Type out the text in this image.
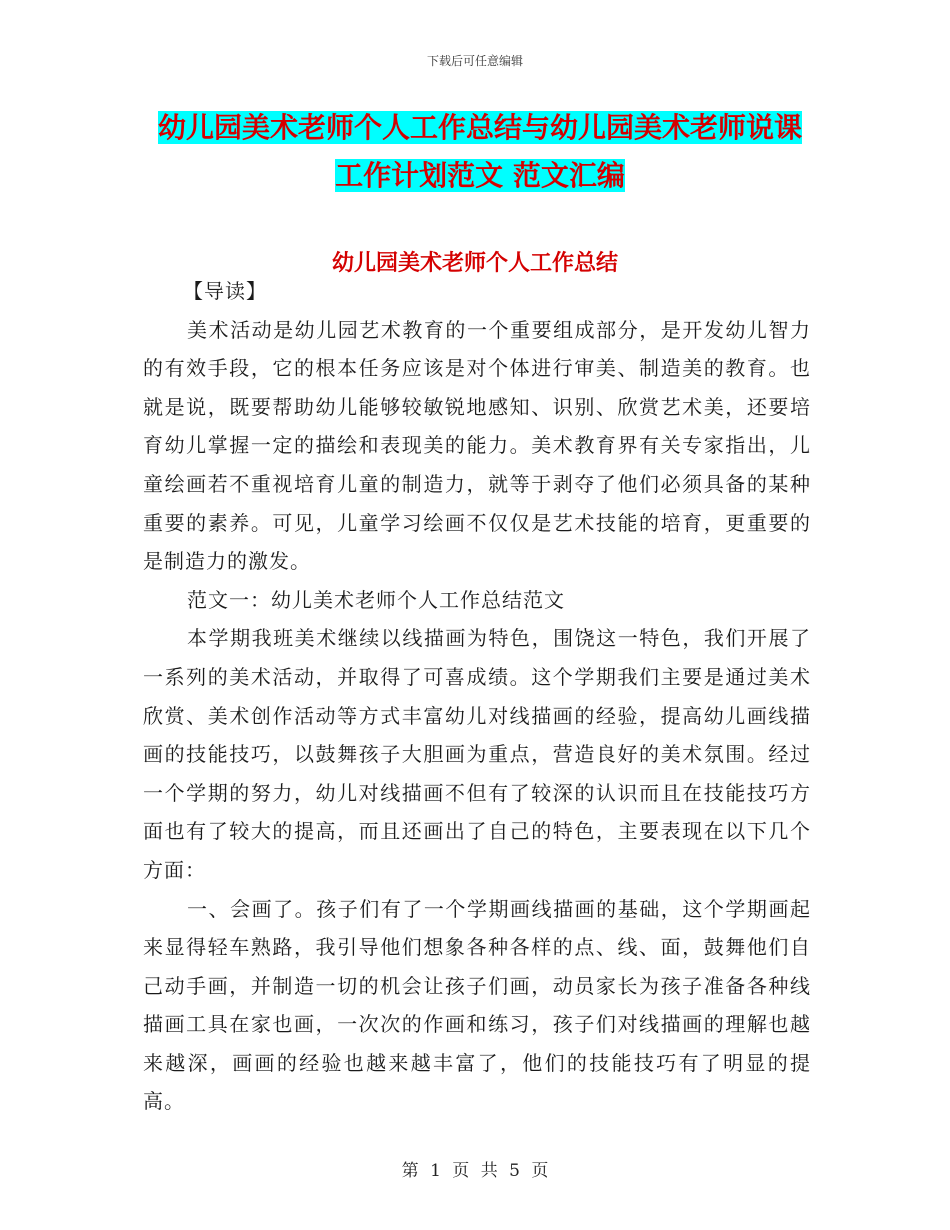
下载后可任意编辑
幼儿园美术老师个人工作总结与幼儿园美术老师说课
工作计划范文 范文汇编
幼儿园美术老师个人工作总结

【导读】

美术活动是幼儿园艺术教育的一个重要组成部分，是开发幼儿智力的有效手段，它的根本任务应该是对个体进行审美、制造美的教育。也就是说，既要帮助幼儿能够较敏锐地感知、识别、欣赏艺术美，还要培育幼儿掌握一定的描绘和表现美的能力。美术教育界有关专家指出，儿童绘画若不重视培育儿童的制造力，就等于剥夺了他们必须具备的某种重要的素养。可见，儿童学习绘画不仅仅是艺术技能的培育，更重要的是制造力的激发。

范文一：幼儿美术老师个人工作总结范文

本学期我班美术继续以线描画为特色，围饶这一特色，我们开展了一系列的美术活动，并取得了可喜成绩。这个学期我们主要是通过美术欣赏、美术创作活动等方式丰富幼儿对线描画的经验，提高幼儿画线描画的技能技巧，以鼓舞孩子大胆画为重点，营造良好的美术氛围。经过一个学期的努力，幼儿对线描画不但有了较深的认识而且在技能技巧方面也有了较大的提高，而且还画出了自己的特色，主要表现在以下几个方面：

一、会画了。孩子们有了一个学期画线描画的基础，这个学期画起来显得轻车熟路，我引导他们想象各种各样的点、线、面，鼓舞他们自己动手画，并制造一切的机会让孩子们画，动员家长为孩子准备各种线描画工具在家也画，一次次的作画和练习，孩子们对线描画的理解也越来越深，画画的经验也越来越丰富了，他们的技能技巧有了明显的提高。

第 1 页 共 5 页
